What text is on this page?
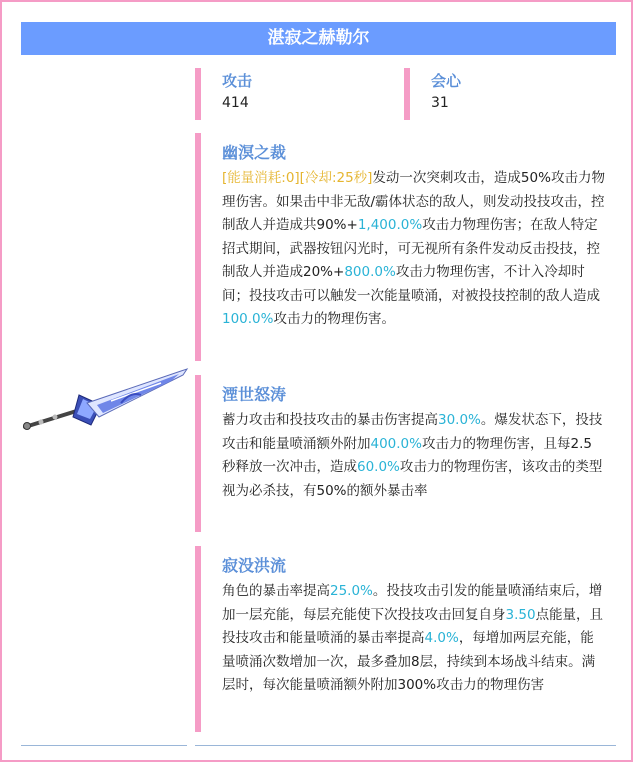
湛寂之赫勒尔
攻击
414
会心
31
幽溟之裁
[能量消耗:0][冷却:25秒]发动一次突刺攻击，造成50%攻击力物理伤害。如果击中非无敌/霸体状态的敌人，则发动投技攻击，控制敌人并造成共90%+1,400.0%攻击力物理伤害；在敌人特定招式期间，武器按钮闪光时，可无视所有条件发动反击投技，控制敌人并造成20%+800.0%攻击力物理伤害，不计入冷却时间；投技攻击可以触发一次能量喷涌，对被投技控制的敌人造成100.0%攻击力的物理伤害。
湮世怒涛
蓄力攻击和投技攻击的暴击伤害提高30.0%。爆发状态下，投技攻击和能量喷涌额外附加400.0%攻击力的物理伤害，且每2.5秒释放一次冲击，造成60.0%攻击力的物理伤害，该攻击的类型视为必杀技，有50%的额外暴击率
寂没洪流
角色的暴击率提高25.0%。投技攻击引发的能量喷涌结束后，增加一层充能，每层充能使下次投技攻击回复自身3.50点能量，且投技攻击和能量喷涌的暴击率提高4.0%，每增加两层充能，能量喷涌次数增加一次，最多叠加8层，持续到本场战斗结束。满层时，每次能量喷涌额外附加300%攻击力的物理伤害
